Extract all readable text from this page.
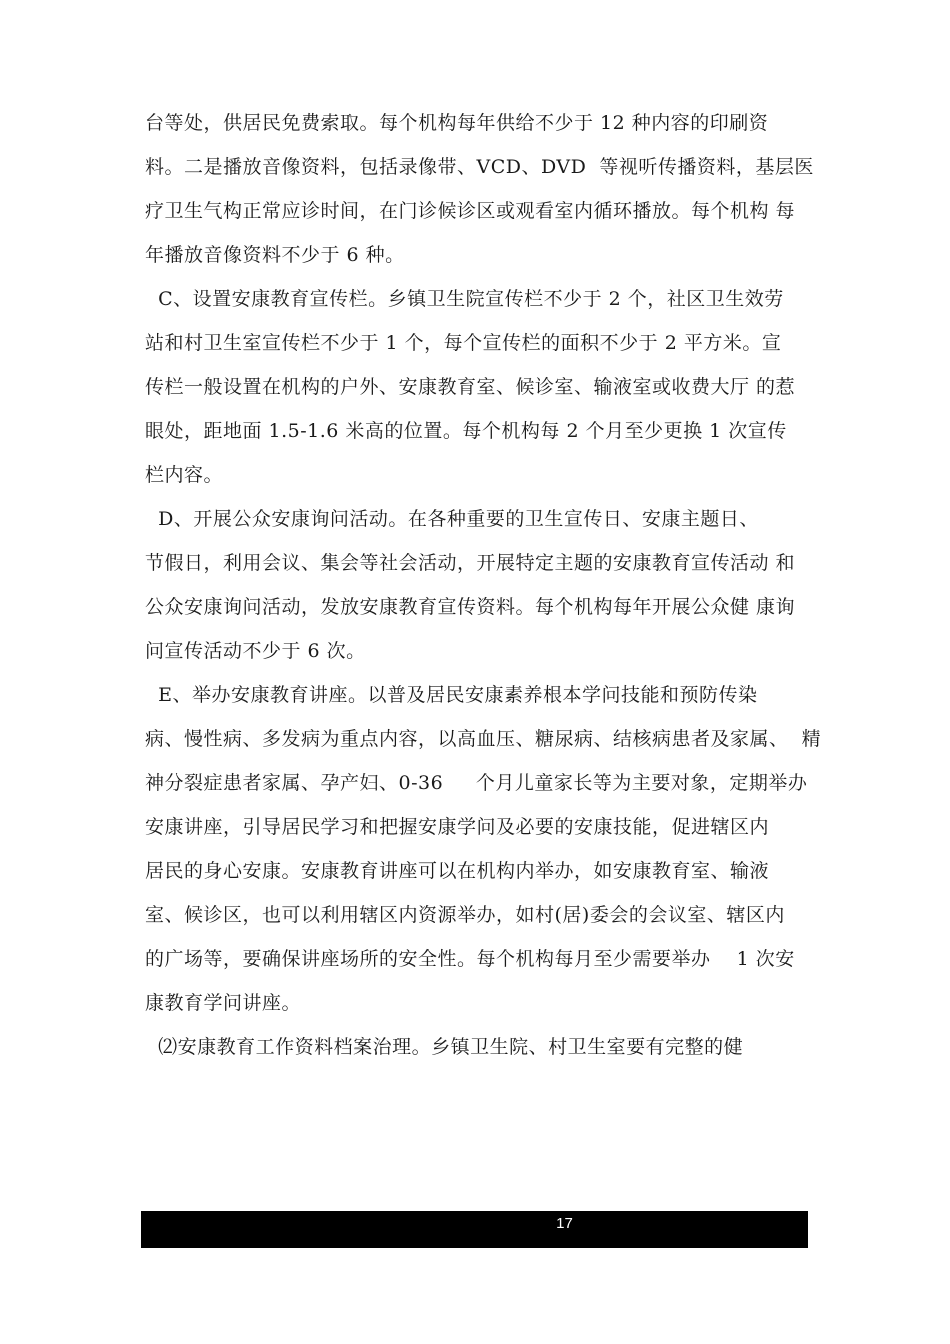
台等处，供居民免费索取。每个机构每年供给不少于 12 种内容的印刷资
料。二是播放音像资料，包括录像带、VCD、DVD  等视听传播资料，基层医
疗卫生气构正常应诊时间，在门诊候诊区或观看室内循环播放。每个机构 每
年播放音像资料不少于 6 种。
C、设置安康教育宣传栏。乡镇卫生院宣传栏不少于 2 个，社区卫生效劳
站和村卫生室宣传栏不少于 1 个，每个宣传栏的面积不少于 2 平方米。宣
传栏一般设置在机构的户外、安康教育室、候诊室、输液室或收费大厅 的惹
眼处，距地面 1.5-1.6 米高的位置。每个机构每 2 个月至少更换 1 次宣传
栏内容。
D、开展公众安康询问活动。在各种重要的卫生宣传日、安康主题日、
节假日，利用会议、集会等社会活动，开展特定主题的安康教育宣传活动 和
公众安康询问活动，发放安康教育宣传资料。每个机构每年开展公众健 康询
问宣传活动不少于 6 次。
E、举办安康教育讲座。以普及居民安康素养根本学问技能和预防传染
病、慢性病、多发病为重点内容，以高血压、糖尿病、结核病患者及家属、  精
神分裂症患者家属、孕产妇、0-36     个月儿童家长等为主要对象，定期举办
安康讲座，引导居民学习和把握安康学问及必要的安康技能，促进辖区内
居民的身心安康。安康教育讲座可以在机构内举办，如安康教育室、输液
室、候诊区，也可以利用辖区内资源举办，如村(居)委会的会议室、辖区内
的广场等，要确保讲座场所的安全性。每个机构每月至少需要举办    1 次安
康教育学问讲座。
⑵安康教育工作资料档案治理。乡镇卫生院、村卫生室要有完整的健
17
